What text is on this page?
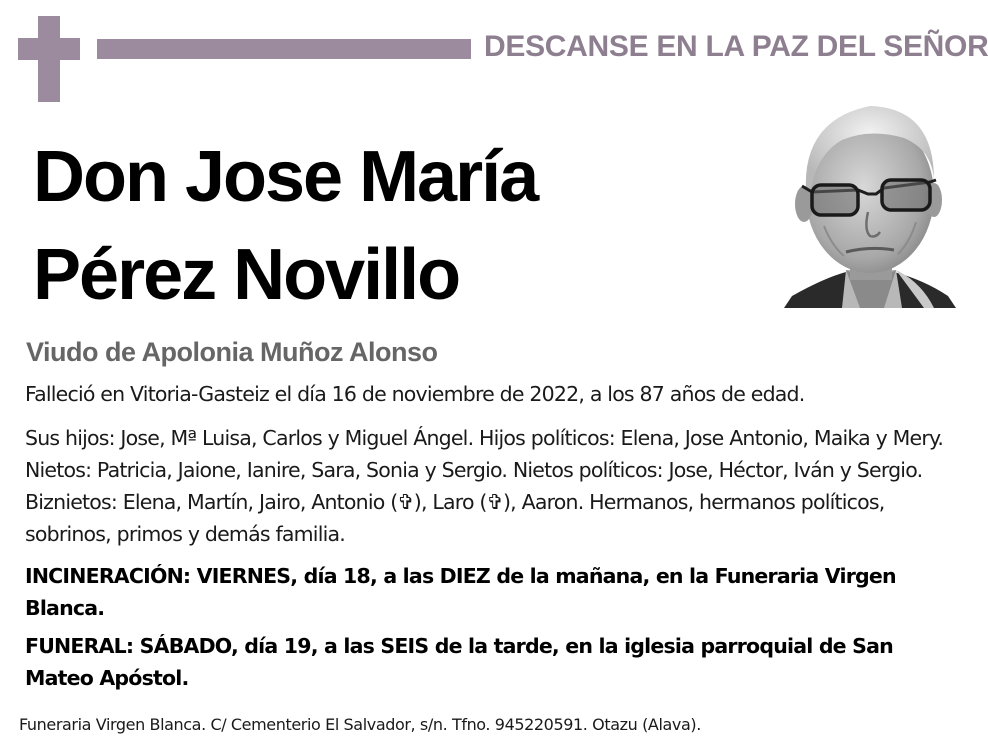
DESCANSE EN LA PAZ DEL SEÑOR
Don Jose María
Pérez Novillo
Viudo de Apolonia Muñoz Alonso
Falleció en Vitoria-Gasteiz el día 16 de noviembre de 2022, a los 87 años de edad.
Sus hijos: Jose, Mª Luisa, Carlos y Miguel Ángel. Hijos políticos: Elena, Jose Antonio, Maika y Mery. Nietos: Patricia, Jaione, Ianire, Sara, Sonia y Sergio. Nietos políticos: Jose, Héctor, Iván y Sergio. Biznietos: Elena, Martín, Jairo, Antonio (✞), Laro (✞), Aaron. Hermanos, hermanos políticos, sobrinos, primos y demás familia.
INCINERACIÓN: VIERNES, día 18, a las DIEZ de la mañana, en la Funeraria Virgen Blanca.
FUNERAL: SÁBADO, día 19, a las SEIS de la tarde, en la iglesia parroquial de San Mateo Apóstol.
Funeraria Virgen Blanca. C/ Cementerio El Salvador, s/n. Tfno. 945220591. Otazu (Alava).
